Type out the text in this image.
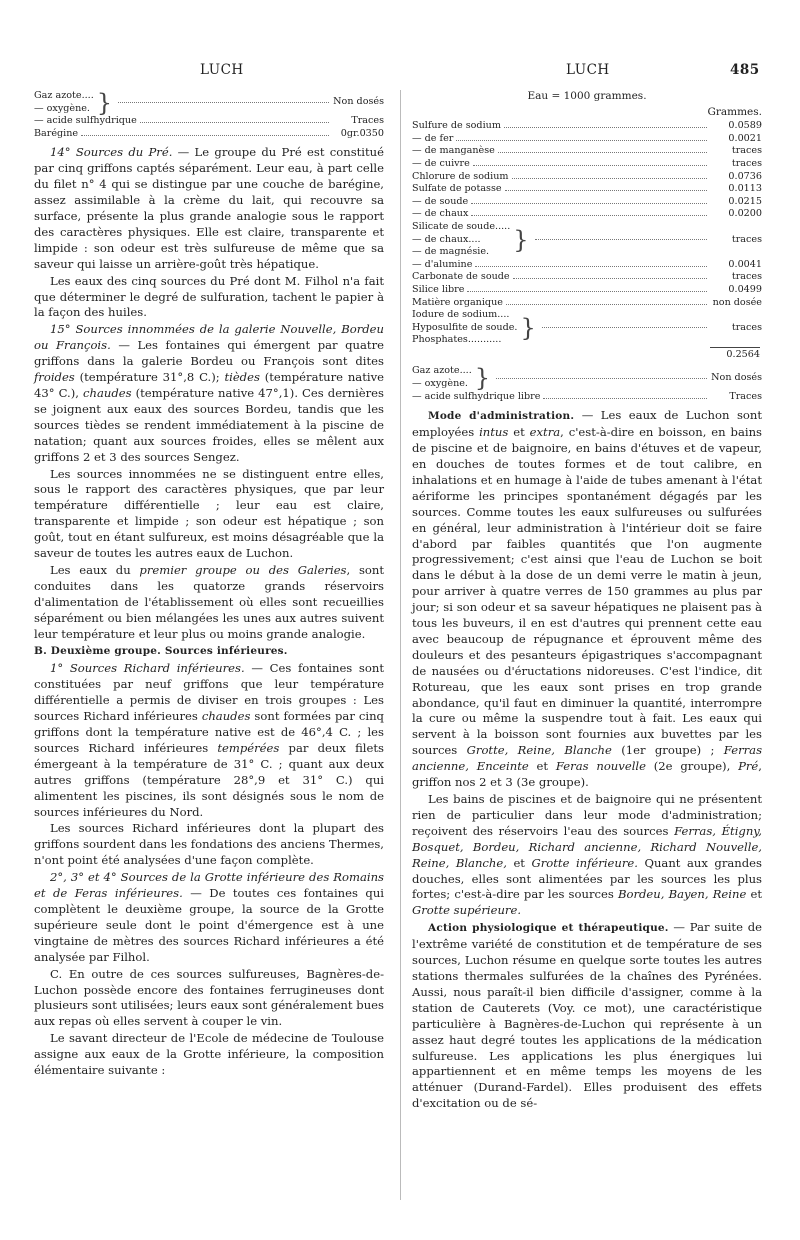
LUCH	LUCH	485
Gaz azote....
— oxygène. }	Non dosés
— acide sulfhydrique	Traces
Barégine	0gr.0350

14° Sources du Pré. — Le groupe du Pré est constitué par cinq griffons captés séparément. Leur eau, à part celle du filet n° 4 qui se distingue par une couche de barégine, assez assimilable à la crème du lait, qui recouvre sa surface, présente la plus grande analogie sous le rapport des caractères physiques. Elle est claire, transparente et limpide : son odeur est très sulfureuse de même que sa saveur qui laisse un arrière-goût très hépatique.

Les eaux des cinq sources du Pré dont M. Filhol n'a fait que déterminer le degré de sulfuration, tachent le papier à la façon des huiles.

15° Sources innommées de la galerie Nouvelle, Bordeu ou François. — Les fontaines qui émergent par quatre griffons dans la galerie Bordeu ou François sont dites froides (température 31°,8 C.); tièdes (température native 43° C.), chaudes (température native 47°,1). Ces dernières se joignent aux eaux des sources Bordeu, tandis que les sources tièdes se rendent immédiatement à la piscine de natation; quant aux sources froides, elles se mêlent aux griffons 2 et 3 des sources Sengez.

Les sources innommées ne se distinguent entre elles, sous le rapport des caractères physiques, que par leur température différentielle ; leur eau est claire, transparente et limpide ; son odeur est hépatique ; son goût, tout en étant sulfureux, est moins désagréable que la saveur de toutes les autres eaux de Luchon.

Les eaux du premier groupe ou des Galeries, sont conduites dans les quatorze grands réservoirs d'alimentation de l'établissement où elles sont recueillies séparément ou bien mélangées les unes aux autres suivent leur température et leur plus ou moins grande analogie.

B. Deuxième groupe. Sources inférieures.

1° Sources Richard inférieures. — Ces fontaines sont constituées par neuf griffons que leur température différentielle a permis de diviser en trois groupes : Les sources Richard inférieures chaudes sont formées par cinq griffons dont la température native est de 46°,4 C. ; les sources Richard inférieures tempérées par deux filets émergeant à la température de 31° C. ; quant aux deux autres griffons (température 28°,9 et 31° C.) qui alimentent les piscines, ils sont désignés sous le nom de sources inférieures du Nord.

Les sources Richard inférieures dont la plupart des griffons sourdent dans les fondations des anciens Thermes, n'ont point été analysées d'une façon complète.

2°, 3° et 4° Sources de la Grotte inférieure des Romains et de Feras inférieures. — De toutes ces fontaines qui complètent le deuxième groupe, la source de la Grotte supérieure seule dont le point d'émergence est à une vingtaine de mètres des sources Richard inférieures a été analysée par Filhol.

C. En outre de ces sources sulfureuses, Bagnères-de-Luchon possède encore des fontaines ferrugineuses dont plusieurs sont utilisées; leurs eaux sont généralement bues aux repas où elles servent à couper le vin.

Le savant directeur de l'Ecole de médecine de Toulouse assigne aux eaux de la Grotte inférieure, la composition élémentaire suivante :

Eau = 1000 grammes.
Grammes.
Sulfure de sodium	0.0589
— de fer	0.0021
— de manganèse	traces
— de cuivre	traces
Chlorure de sodium	0.0736
Sulfate de potasse	0.0113
— de soude	0.0215
— de chaux	0.0200
Silicate de soude.....
— de chaux....
— de magnésie.	}	traces
— d'alumine	0.0041
Carbonate de soude	traces
Silice libre	0.0499
Matière organique	non dosée
Iodure de sodium....
Hyposulfite de soude.
Phosphates........... }	traces
0.2564
Gaz azote....
— oxygène. }	Non dosés
— acide sulfhydrique libre	Traces

Mode d'administration. — Les eaux de Luchon sont employées intus et extra, c'est-à-dire en boisson, en bains de piscine et de baignoire, en bains d'étuves et de vapeur, en douches de toutes formes et de tout calibre, en inhalations et en humage à l'aide de tubes amenant à l'état aériforme les principes spontanément dégagés par les sources. Comme toutes les eaux sulfureuses ou sulfurées en général, leur administration à l'intérieur doit se faire d'abord par faibles quantités que l'on augmente progressivement; c'est ainsi que l'eau de Luchon se boit dans le début à la dose de un demi verre le matin à jeun, pour arriver à quatre verres de 150 grammes au plus par jour; si son odeur et sa saveur hépatiques ne plaisent pas à tous les buveurs, il en est d'autres qui prennent cette eau avec beaucoup de répugnance et éprouvent même des douleurs et des pesanteurs épigastriques s'accompagnant de nausées ou d'éructations nidoreuses. C'est l'indice, dit Rotureau, que les eaux sont prises en trop grande abondance, qu'il faut en diminuer la quantité, interrompre la cure ou même la suspendre tout à fait. Les eaux qui servent à la boisson sont fournies aux buvettes par les sources Grotte, Reine, Blanche (1er groupe) ; Ferras ancienne, Enceinte et Feras nouvelle (2e groupe), Pré, griffon nos 2 et 3 (3e groupe).

Les bains de piscines et de baignoire qui ne présentent rien de particulier dans leur mode d'administration; reçoivent des réservoirs l'eau des sources Ferras, Étigny, Bosquet, Bordeu, Richard ancienne, Richard Nouvelle, Reine, Blanche, et Grotte inférieure. Quant aux grandes douches, elles sont alimentées par les sources les plus fortes; c'est-à-dire par les sources Bordeu, Bayen, Reine et Grotte supérieure.

Action physiologique et thérapeutique. — Par suite de l'extrême variété de constitution et de température de ses sources, Luchon résume en quelque sorte toutes les autres stations thermales sulfurées de la chaînes des Pyrénées. Aussi, nous paraît-il bien difficile d'assigner, comme à la station de Cauterets (Voy. ce mot), une caractéristique particulière à Bagnères-de-Luchon qui représente à un assez haut degré toutes les applications de la médication sulfureuse. Les applications les plus énergiques lui appartiennent et en même temps les moyens de les atténuer (Durand-Fardel). Elles produisent des effets d'excitation ou de sé-
